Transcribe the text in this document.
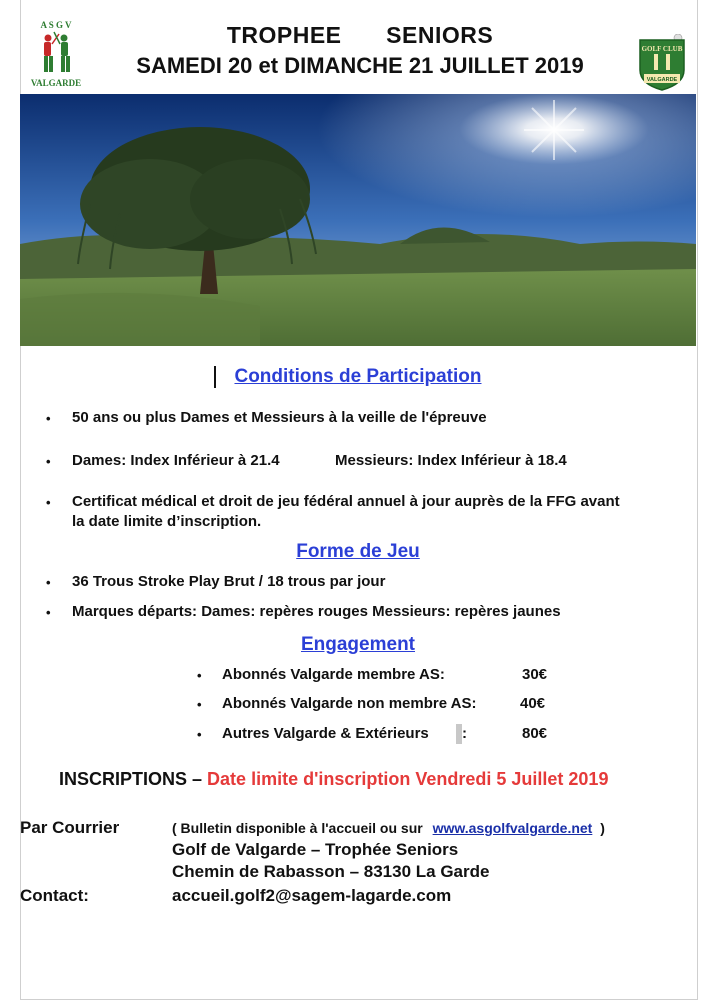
A S G V
VALGARDE
GOLF CLUB
VALGARDE
TROPHEE   SENIORS
SAMEDI 20 et DIMANCHE 21 JUILLET 2019
Conditions de Participation
• 50 ans ou plus Dames et Messieurs à la veille de l'épreuve
• Dames: Index Inférieur à 21.4	Messieurs: Index Inférieur à 18.4
• Certificat médical et droit de jeu fédéral annuel à jour auprès de la FFG avant
la date limite d’inscription.
Forme de Jeu
• 36 Trous Stroke Play Brut / 18 trous par jour
• Marques départs: Dames: repères rouges Messieurs: repères jaunes
Engagement
• Abonnés Valgarde membre AS:	30€
• Abonnés Valgarde non membre AS:	40€
• Autres Valgarde & Extérieurs :	80€
INSCRIPTIONS – Date limite d'inscription Vendredi 5 Juillet 2019
Par Courrier	( Bulletin disponible à l'accueil ou sur www.asgolfvalgarde.net )
Golf de Valgarde – Trophée Seniors
Chemin de Rabasson – 83130 La Garde
Contact:	accueil.golf2@sagem-lagarde.com
